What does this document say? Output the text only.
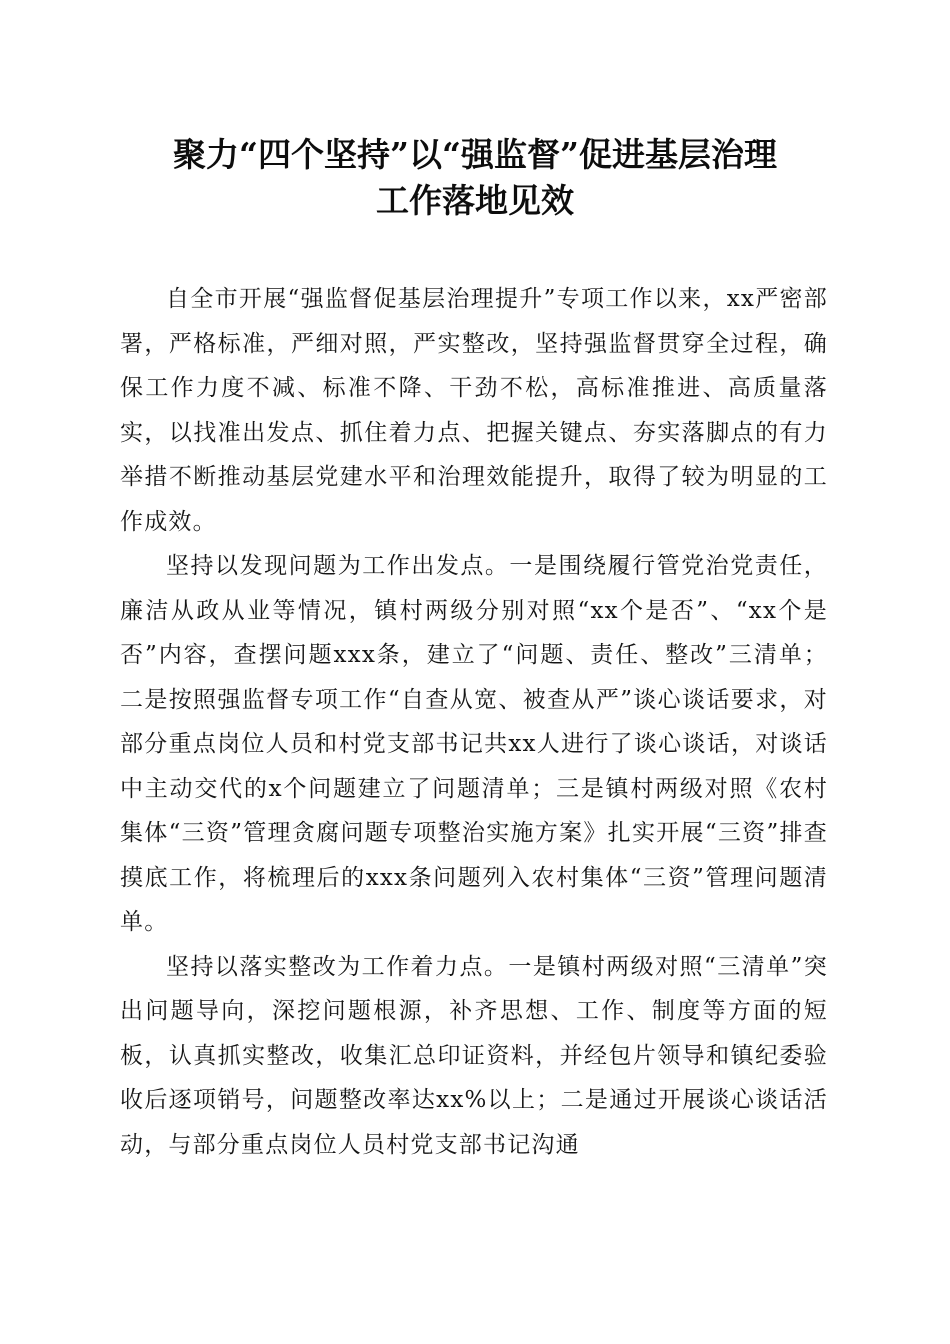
聚力“四个坚持”以“强监督”促进基层治理
工作落地见效

自全市开展“强监督促基层治理提升”专项工作以来，xx严密部署，严格标准，严细对照，严实整改，坚持强监督贯穿全过程，确保工作力度不减、标准不降、干劲不松，高标准推进、高质量落实，以找准出发点、抓住着力点、把握关键点、夯实落脚点的有力举措不断推动基层党建水平和治理效能提升，取得了较为明显的工作成效。

坚持以发现问题为工作出发点。一是围绕履行管党治党责任，廉洁从政从业等情况，镇村两级分别对照“xx个是否”、“xx个是否”内容，查摆问题xxx条，建立了“问题、责任、整改”三清单；二是按照强监督专项工作“自查从宽、被查从严”谈心谈话要求，对部分重点岗位人员和村党支部书记共xx人进行了谈心谈话，对谈话中主动交代的x个问题建立了问题清单；三是镇村两级对照《农村集体“三资”管理贪腐问题专项整治实施方案》扎实开展“三资”排查摸底工作，将梳理后的xxx条问题列入农村集体“三资”管理问题清单。

坚持以落实整改为工作着力点。一是镇村两级对照“三清单”突出问题导向，深挖问题根源，补齐思想、工作、制度等方面的短板，认真抓实整改，收集汇总印证资料，并经包片领导和镇纪委验收后逐项销号，问题整改率达xx%以上；二是通过开展谈心谈话活动，与部分重点岗位人员村党支部书记沟通
